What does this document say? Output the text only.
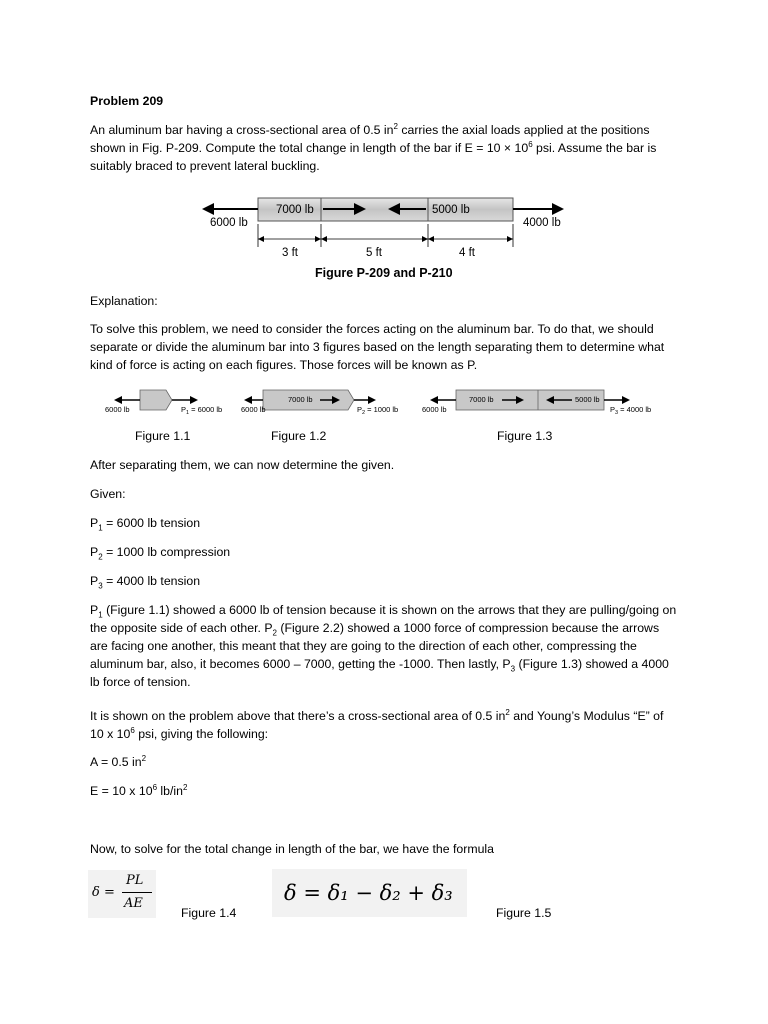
Problem 209
An aluminum bar having a cross-sectional area of 0.5 $in^2$ carries the axial loads applied at the positions shown in Fig. P-209. Compute the total change in length of the bar if $E = 10 \times 10^6$ psi. Assume the bar is suitably braced to prevent lateral buckling.
6000 lb
7000 lb	5000 lb
4000 lb
3 ft	5 ft	4 ft
Figure P-209 and P-210
Explanation:
To solve this problem, we need to consider the forces acting on the aluminum bar. To do that, we should separate or divide the aluminum bar into 3 figures based on the length separating them to determine what kind of force is acting on each figures. Those forces will be known as P.
6000 lb	$P_1 = 6000$ lb	6000 lb
7000 lb
$P_2 = 1000$ lb	6000 lb
7000 lb	5000 lb
$P_3 = 4000$ lb
Figure 1.1	Figure 1.2	Figure 1.3
After separating them, we can now determine the given.
Given:
$P_1 = 6000$ lb tension
$P_2 = 1000$ lb compression
$P_3 = 4000$ lb tension
$P_1$ (Figure 1.1) showed a 6000 lb of tension because it is shown on the arrows that they are pulling/going on the opposite side of each other. $P_2$ (Figure 2.2) showed a 1000 force of compression because the arrows are facing one another, this meant that they are going to the direction of each other, compressing the aluminum bar, also, it becomes 6000 – 7000, getting the -1000. Then lastly, $P_3$ (Figure 1.3) showed a 4000 lb force of tension.
It is shown on the problem above that there’s a cross-sectional area of 0.5 $in^2$ and Young’s Modulus “E” of 10 x $10^6$ psi, giving the following:
A = 0.5 $in^2$
E = 10 x $10^6$ $lb/in^2$
Now, to solve for the total change in length of the bar, we have the formula
δ =
PL
AE
Figure 1.4
δ = δ₁ − δ₂ + δ₃
Figure 1.5
